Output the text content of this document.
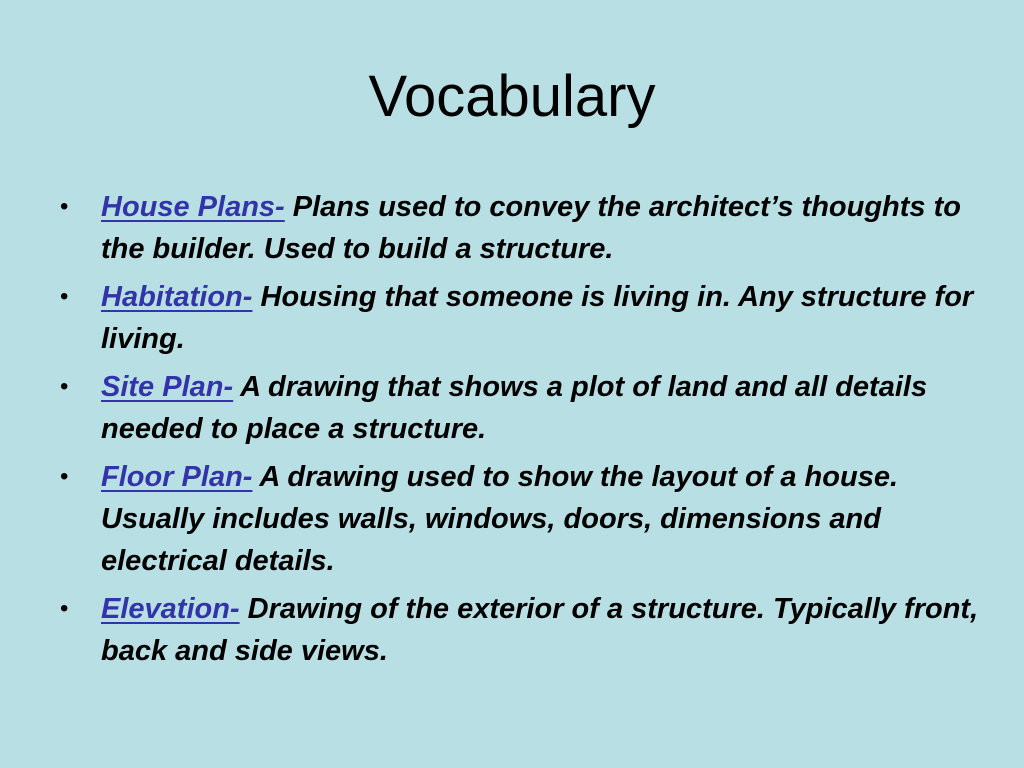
Vocabulary
• House Plans- Plans used to convey the architect’s thoughts to the builder. Used to build a structure.
• Habitation- Housing that someone is living in. Any structure for living.
• Site Plan- A drawing that shows a plot of land and all details needed to place a structure.
• Floor Plan- A drawing used to show the layout of a house. Usually includes walls, windows, doors, dimensions and electrical details.
• Elevation- Drawing of the exterior of a structure. Typically front, back and side views.
